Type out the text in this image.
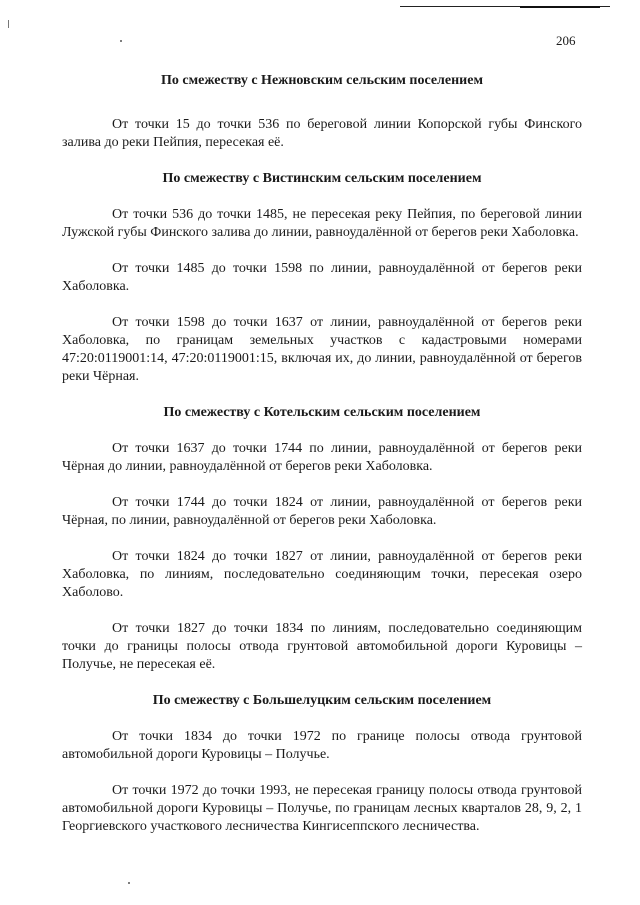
206
По смежеству с Нежновским сельским поселением

От точки 15 до точки 536 по береговой линии Копорской губы Финского залива до реки Пейпия, пересекая её.

По смежеству с Вистинским сельским поселением

От точки 536 до точки 1485, не пересекая реку Пейпия, по береговой линии Лужской губы Финского залива до линии, равноудалённой от берегов реки Хаболовка.

От точки 1485 до точки 1598 по линии, равноудалённой от берегов реки Хаболовка.

От точки 1598 до точки 1637 от линии, равноудалённой от берегов реки Хаболовка, по границам земельных участков с кадастровыми номерами 47:20:0119001:14, 47:20:0119001:15, включая их, до линии, равноудалённой от берегов реки Чёрная.

По смежеству с Котельским сельским поселением

От точки 1637 до точки 1744 по линии, равноудалённой от берегов реки Чёрная до линии, равноудалённой от берегов реки Хаболовка.

От точки 1744 до точки 1824 от линии, равноудалённой от берегов реки Чёрная, по линии, равноудалённой от берегов реки Хаболовка.

От точки 1824 до точки 1827 от линии, равноудалённой от берегов реки Хаболовка, по линиям, последовательно соединяющим точки, пересекая озеро Хаболово.

От точки 1827 до точки 1834 по линиям, последовательно соединяющим точки до границы полосы отвода грунтовой автомобильной дороги Куровицы – Получье, не пересекая её.

По смежеству с Большелуцким сельским поселением

От точки 1834 до точки 1972 по границе полосы отвода грунтовой автомобильной дороги Куровицы – Получье.

От точки 1972 до точки 1993, не пересекая границу полосы отвода грунтовой автомобильной дороги Куровицы – Получье, по границам лесных кварталов 28, 9, 2, 1 Георгиевского участкового лесничества Кингисеппского лесничества.
